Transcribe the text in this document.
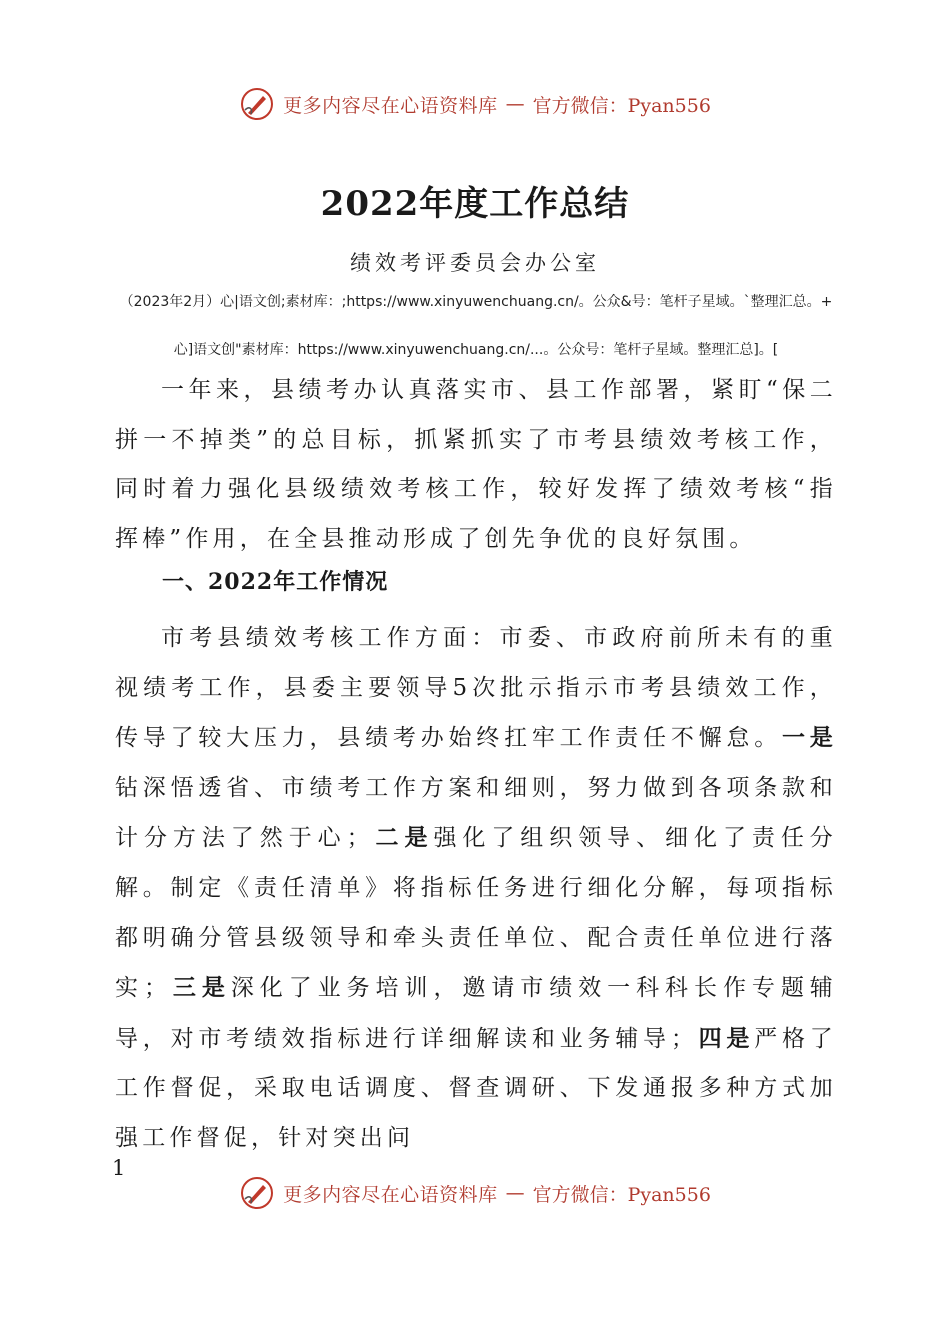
更多内容尽在心语资料库 — 官方微信：Pyan556
2022年度工作总结
绩效考评委员会办公室
（2023年2月）心|语文创;素材库：;https://www.xinyuwenchuang.cn/。公众&号：笔杆子星域。`整理汇总。+
心]语文创"素材库：https://www.xinyuwenchuang.cn/...。公众号：笔杆子星域。整理汇总]。[
一年来，县绩考办认真落实市、县工作部署，紧盯“保二拼一不掉类”的总目标，抓紧抓实了市考县绩效考核工作，同时着力强化县级绩效考核工作，较好发挥了绩效考核“指挥棒”作用，在全县推动形成了创先争优的良好氛围。
一、2022年工作情况
市考县绩效考核工作方面：市委、市政府前所未有的重视绩考工作，县委主要领导5次批示指示市考县绩效工作，传导了较大压力，县绩考办始终扛牢工作责任不懈怠。一是钻深悟透省、市绩考工作方案和细则，努力做到各项条款和计分方法了然于心；二是强化了组织领导、细化了责任分解。制定《责任清单》将指标任务进行细化分解，每项指标都明确分管县级领导和牵头责任单位、配合责任单位进行落实；三是深化了业务培训，邀请市绩效一科科长作专题辅导，对市考绩效指标进行详细解读和业务辅导；四是严格了工作督促，采取电话调度、督查调研、下发通报多种方式加强工作督促，针对突出问
1
更多内容尽在心语资料库 — 官方微信：Pyan556
